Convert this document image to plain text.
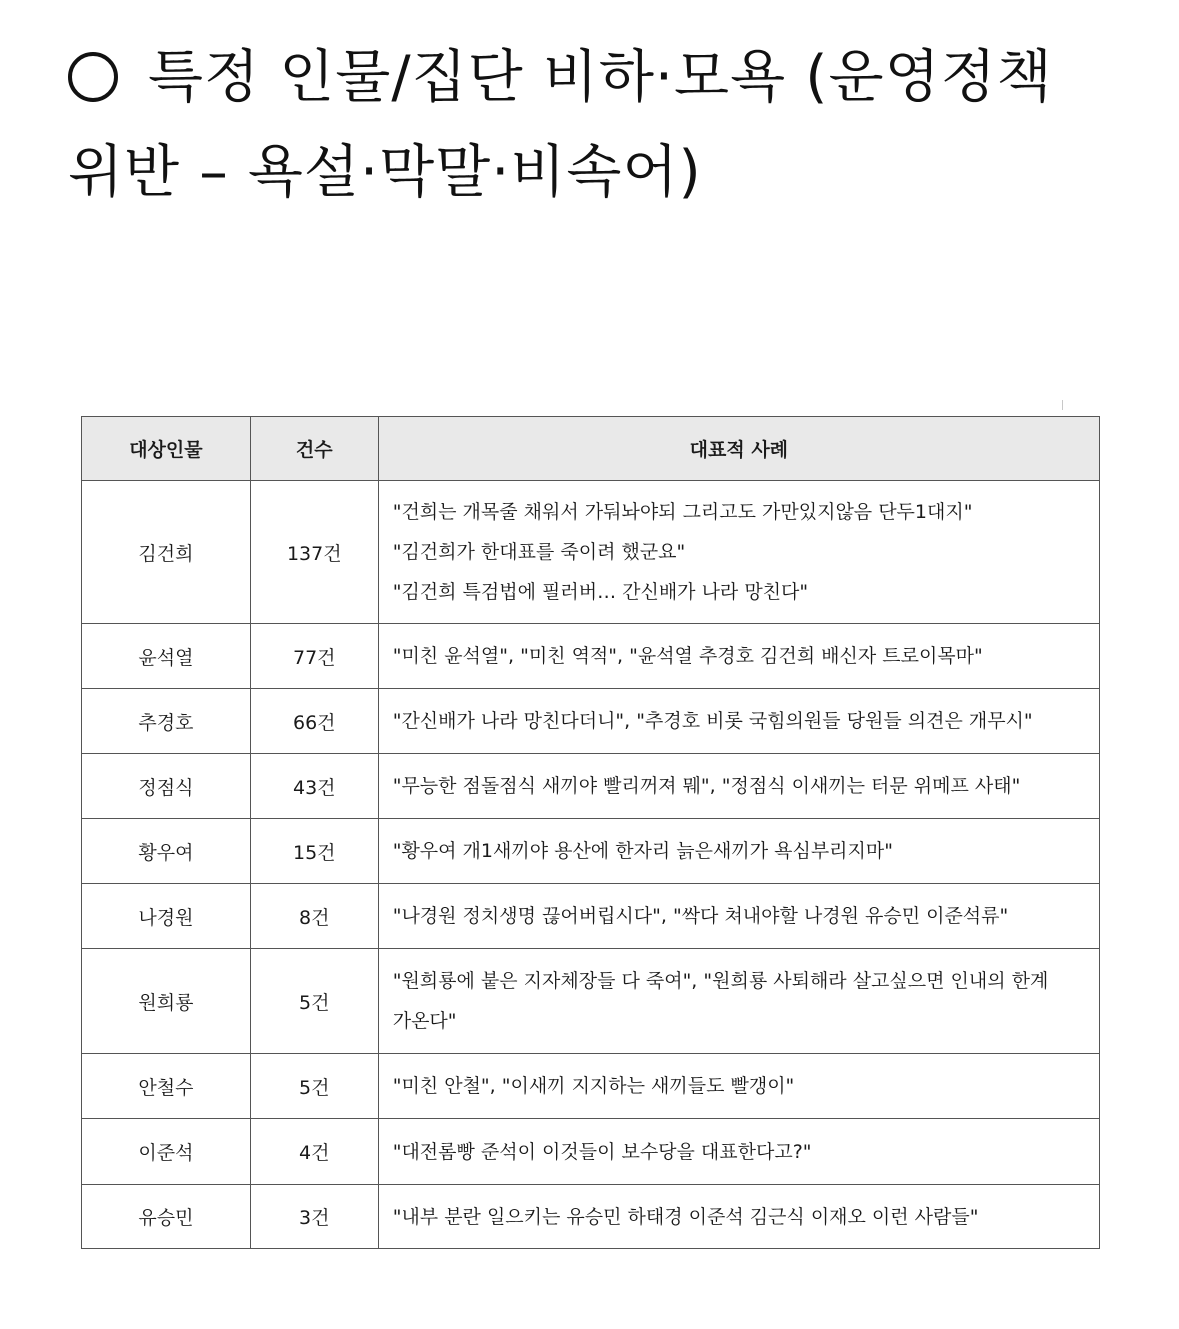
특정 인물/집단 비하·모욕 (운영정책
위반 – 욕설·막말·비속어)
대상인물	건수	대표적 사례
김건희	137건	"건희는 개목줄 채워서 가둬놔야되 그리고도 가만있지않음 단두1대지"
"김건희가 한대표를 죽이려 했군요"
"김건희 특검법에 필러버… 간신배가 나라 망친다"

윤석열	77건	"미친 윤석열", "미친 역적", "윤석열 추경호 김건희 배신자 트로이목마"

추경호	66건	"간신배가 나라 망친다더니", "추경호 비롯 국힘의원들 당원들 의견은 개무시"

정점식	43건	"무능한 점돌점식 새끼야 빨리꺼져 뭬", "정점식 이새끼는 터문 위메프 사태"

황우여	15건	"황우여 개1새끼야 용산에 한자리 늙은새끼가 욕심부리지마"

나경원	8건	"나경원 정치생명 끊어버립시다", "싹다 쳐내야할 나경원 유승민 이준석류"

원희룡	5건	"원희룡에 붙은 지자체장들 다 죽여", "원희룡 사퇴해라 살고싶으면 인내의 한계
가온다"

안철수	5건	"미친 안철", "이새끼 지지하는 새끼들도 빨갱이"

이준석	4건	"대전롬빵 준석이 이것들이 보수당을 대표한다고?"

유승민	3건	"내부 분란 일으키는 유승민 하태경 이준석 김근식 이재오 이런 사람들"
